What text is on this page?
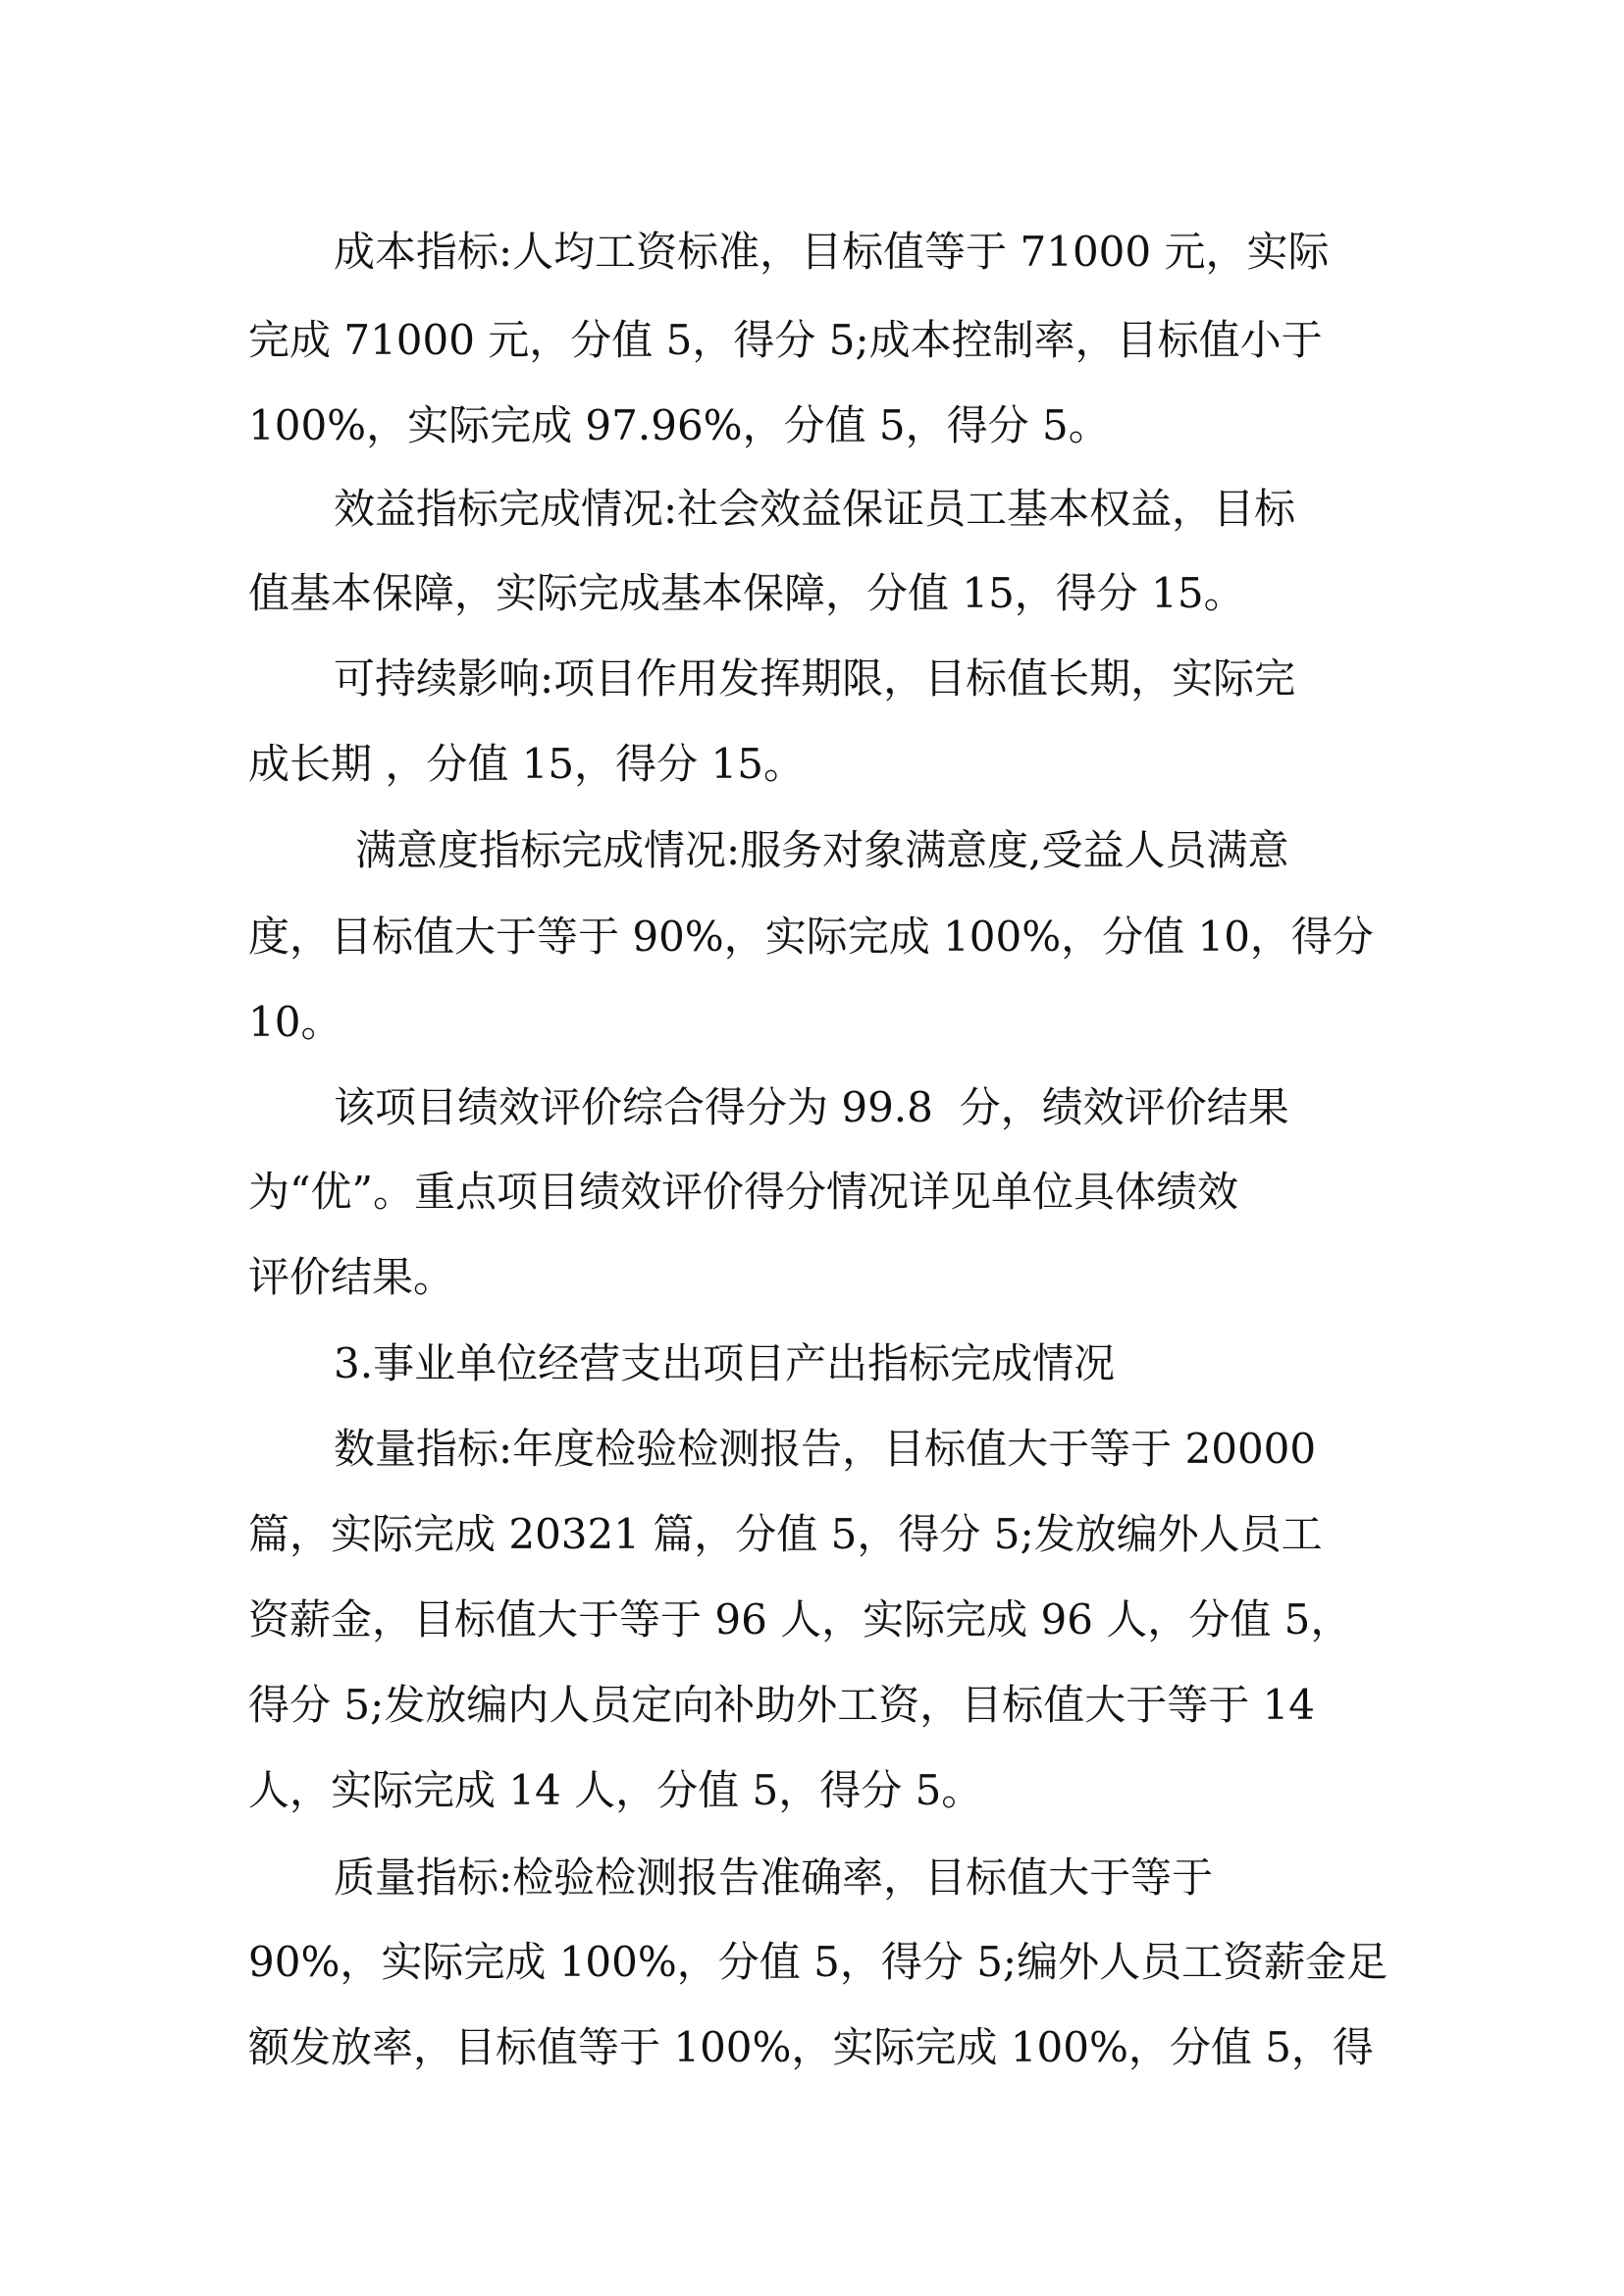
成本指标:人均工资标准，目标值等于 71000 元，实际

完成 71000 元，分值 5，得分 5;成本控制率，目标值小于

100%，实际完成 97.96%，分值 5，得分 5。

效益指标完成情况:社会效益保证员工基本权益，目标

值基本保障，实际完成基本保障，分值 15，得分 15。

可持续影响:项目作用发挥期限，目标值长期，实际完

成长期 ，分值 15，得分 15。

满意度指标完成情况:服务对象满意度,受益人员满意

度，目标值大于等于 90%，实际完成 100%，分值 10，得分

10。

该项目绩效评价综合得分为 99.8  分，绩效评价结果

为“优”。重点项目绩效评价得分情况详见单位具体绩效

评价结果。

3.事业单位经营支出项目产出指标完成情况

数量指标:年度检验检测报告，目标值大于等于 20000

篇，实际完成 20321 篇，分值 5，得分 5;发放编外人员工

资薪金，目标值大于等于 96 人，实际完成 96 人，分值 5，

得分 5;发放编内人员定向补助外工资，目标值大于等于 14

人，实际完成 14 人，分值 5，得分 5。

质量指标:检验检测报告准确率，目标值大于等于

90%，实际完成 100%，分值 5，得分 5;编外人员工资薪金足

额发放率，目标值等于 100%，实际完成 100%，分值 5，得
